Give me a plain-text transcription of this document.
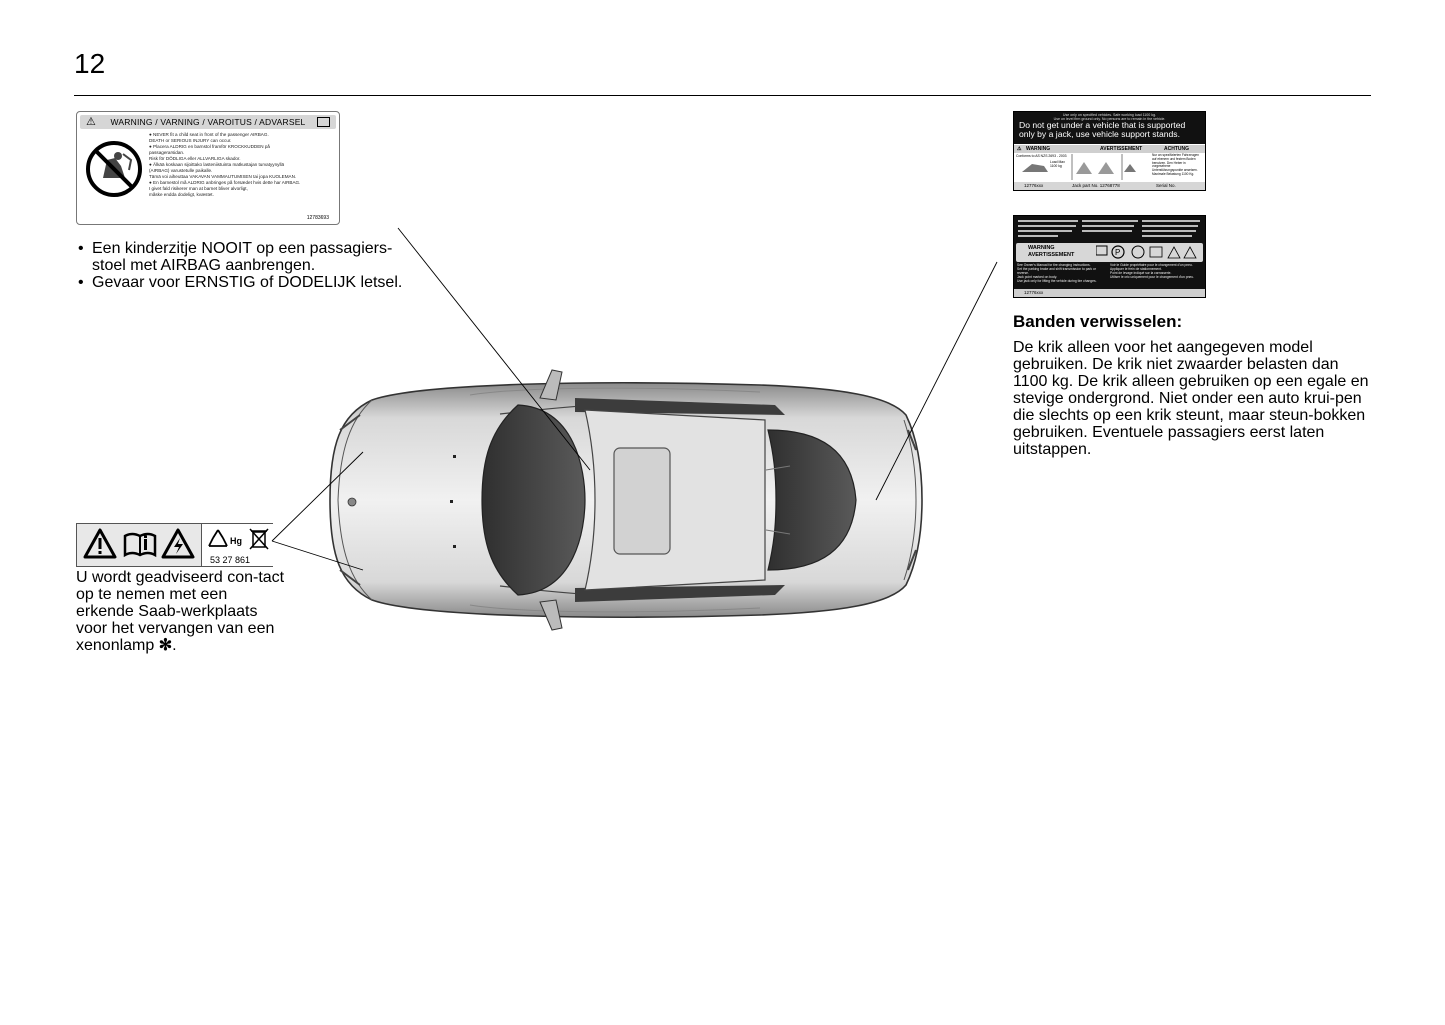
12
⚠ WARNING / VARNING / VAROITUS / ADVARSEL
● NEVER fit a child seat in front of the passenger AIRBAG.
DEATH or SERIOUS INJURY can occur.
● Placera ALDRIG en barnstol framför KROCKKUDDEN på
passagerarsidan.
Risk för DÖDLIGA eller ALLVARLIGA skador.
● Älkää koskaan sijoittako lasteniistuinta matkustajan turvatyynyllä
(AIRBAG) varustetulle paikalle.
Tämä voi aiheuttaa VAKAVAN VAMMAUTUMISEN tai jopa KUOLEMAN.
● En barnestol må ALDRIG anbringes på forsædet hvis dette har AIRBAG.
I givet fald risikerer man at barnet bliver alvorligt,
måske endda dodeligt, kvæstet.
12783693
• Een kinderzitje NOOIT op een passagiers-stoel met AIRBAG aanbrengen.
• Gevaar voor ERNSTIG of DODELIJK letsel.
Hg
53 27 861
U wordt geadviseerd con-tact op te nemen met een erkende Saab-werkplaats voor het vervangen van een xenonlamp ✻.
Use only on specified vehicles. Safe working load 1100 kg.
Use on level firm ground only. No persons are to remain in the vehicle.
Do not get under a vehicle that is supported only by a jack, use vehicle support stands.
⚠ WARNING	AVERTISSEMENT	ACHTUNG
Conforms to AS NZS 2693 - 2003
Load Max 1100 kg
Nur an spezifizierten Fahrzeugen auf ebenem und festem Boden benutzen. Den Heber in vorgesehene Unterstützungspunkte ansetzen. Maximale Belastung 1100 Kg.
12776xxx	Jack part No. 12768778	Serial No.
WARNING
AVERTISSEMENT	P
See Owner's Manual for tire changing instructions.
Set the parking brake and shift transmission to park or reverse.
Jack point marked on body.
Use jack only for lifting the vehicle during tire changes.
Voir le Guide propriétaire pour le changement d'un pneu.
Appliquer le frein de stationnement.
Point de levage indiqué sur la carrosserie.
Utiliser le cric uniquement pour le changement d'un pneu.
12776xxx
Banden verwisselen:

De krik alleen voor het aangegeven model gebruiken. De krik niet zwaarder belasten dan 1100 kg. De krik alleen gebruiken op een egale en stevige ondergrond. Niet onder een auto krui-pen die slechts op een krik steunt, maar steun-bokken gebruiken. Eventuele passagiers eerst laten uitstappen.
